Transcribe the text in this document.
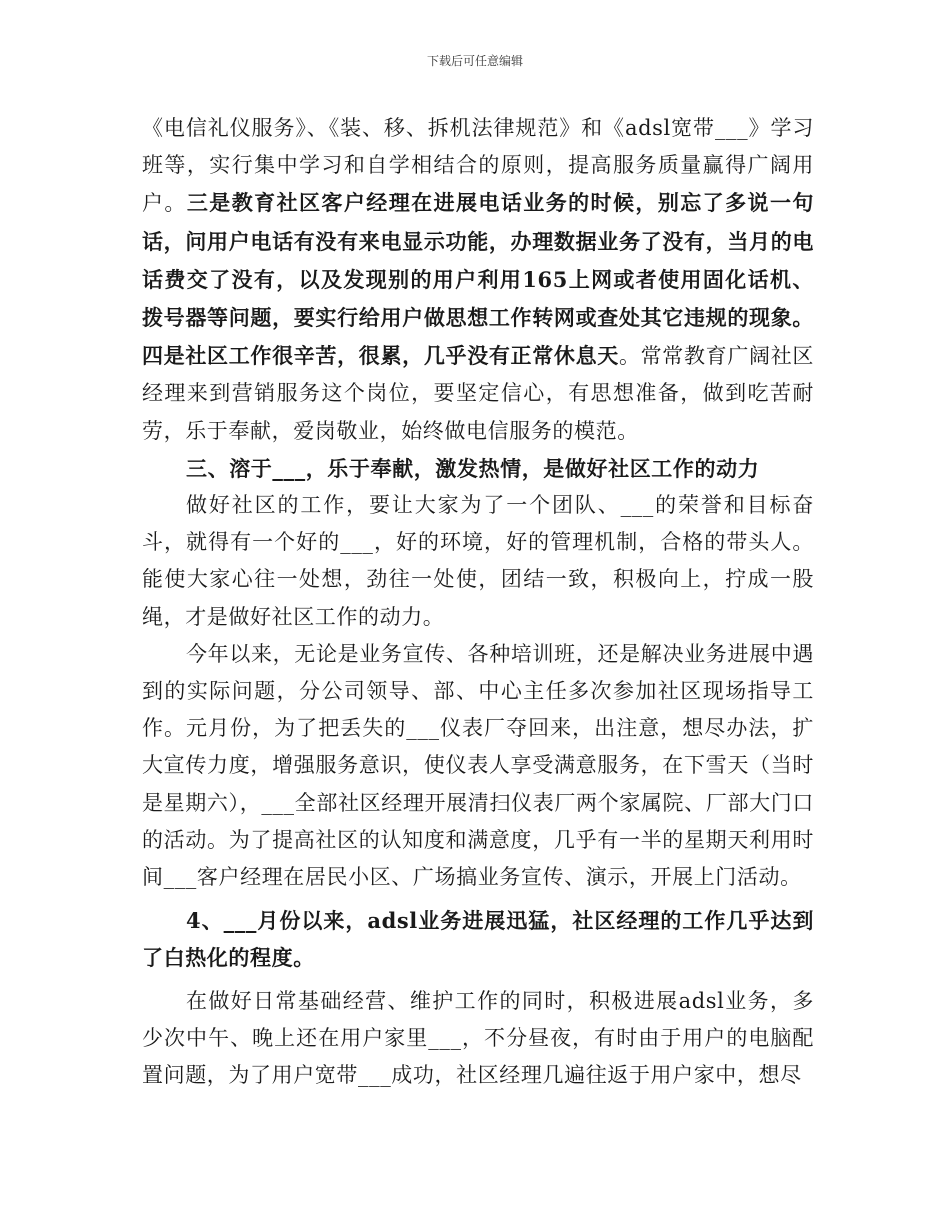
下载后可任意编辑

《电信礼仪服务》、《装、移、拆机法律规范》和《adsl宽带___》学习班等，实行集中学习和自学相结合的原则，提高服务质量赢得广阔用户。三是教育社区客户经理在进展电话业务的时候，别忘了多说一句话，问用户电话有没有来电显示功能，办理数据业务了没有，当月的电话费交了没有，以及发现别的用户利用165上网或者使用固化话机、拨号器等问题，要实行给用户做思想工作转网或查处其它违规的现象。四是社区工作很辛苦，很累，几乎没有正常休息天。常常教育广阔社区经理来到营销服务这个岗位，要坚定信心，有思想准备，做到吃苦耐劳，乐于奉献，爱岗敬业，始终做电信服务的模范。

三、溶于___，乐于奉献，激发热情，是做好社区工作的动力

做好社区的工作，要让大家为了一个团队、___的荣誉和目标奋斗，就得有一个好的___，好的环境，好的管理机制，合格的带头人。能使大家心往一处想，劲往一处使，团结一致，积极向上，拧成一股绳，才是做好社区工作的动力。

今年以来，无论是业务宣传、各种培训班，还是解决业务进展中遇到的实际问题，分公司领导、部、中心主任多次参加社区现场指导工作。元月份，为了把丢失的___仪表厂夺回来，出注意，想尽办法，扩大宣传力度，增强服务意识，使仪表人享受满意服务，在下雪天（当时是星期六），___全部社区经理开展清扫仪表厂两个家属院、厂部大门口的活动。为了提高社区的认知度和满意度，几乎有一半的星期天利用时间___客户经理在居民小区、广场搞业务宣传、演示，开展上门活动。

4、___月份以来，adsl业务进展迅猛，社区经理的工作几乎达到了白热化的程度。

在做好日常基础经营、维护工作的同时，积极进展adsl业务，多少次中午、晚上还在用户家里___，不分昼夜，有时由于用户的电脑配置问题，为了用户宽带___成功，社区经理几遍往返于用户家中，想尽
